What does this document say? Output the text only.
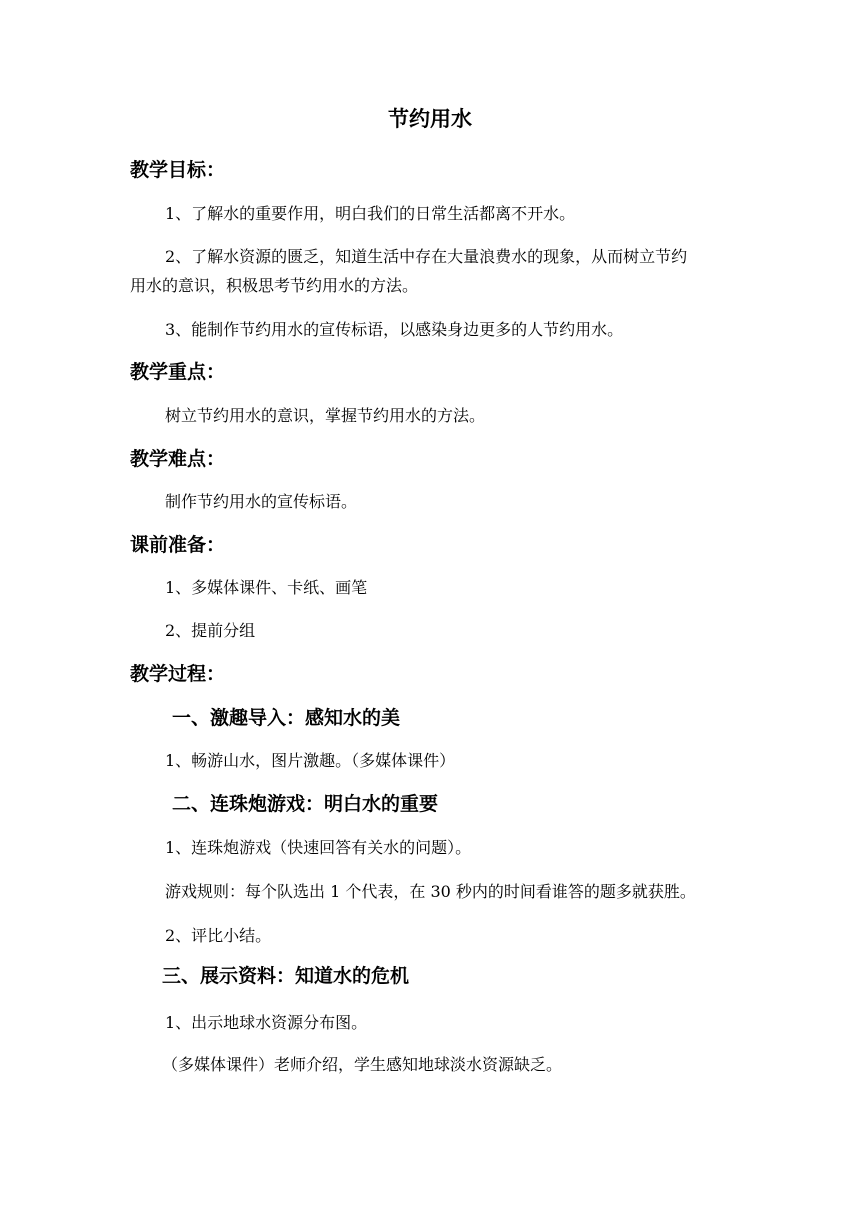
节约用水
教学目标：
1、了解水的重要作用，明白我们的日常生活都离不开水。
2、了解水资源的匮乏，知道生活中存在大量浪费水的现象，从而树立节约
用水的意识，积极思考节约用水的方法。
3、能制作节约用水的宣传标语，以感染身边更多的人节约用水。
教学重点：
树立节约用水的意识，掌握节约用水的方法。
教学难点：
制作节约用水的宣传标语。
课前准备：
1、多媒体课件、卡纸、画笔
2、提前分组
教学过程：
一、激趣导入：感知水的美
1、畅游山水，图片激趣。（多媒体课件）
二、连珠炮游戏：明白水的重要
1、连珠炮游戏（快速回答有关水的问题）。
游戏规则：每个队选出 1 个代表，在 30 秒内的时间看谁答的题多就获胜。
2、评比小结。
三、展示资料：知道水的危机
1、出示地球水资源分布图。
（多媒体课件）老师介绍，学生感知地球淡水资源缺乏。
